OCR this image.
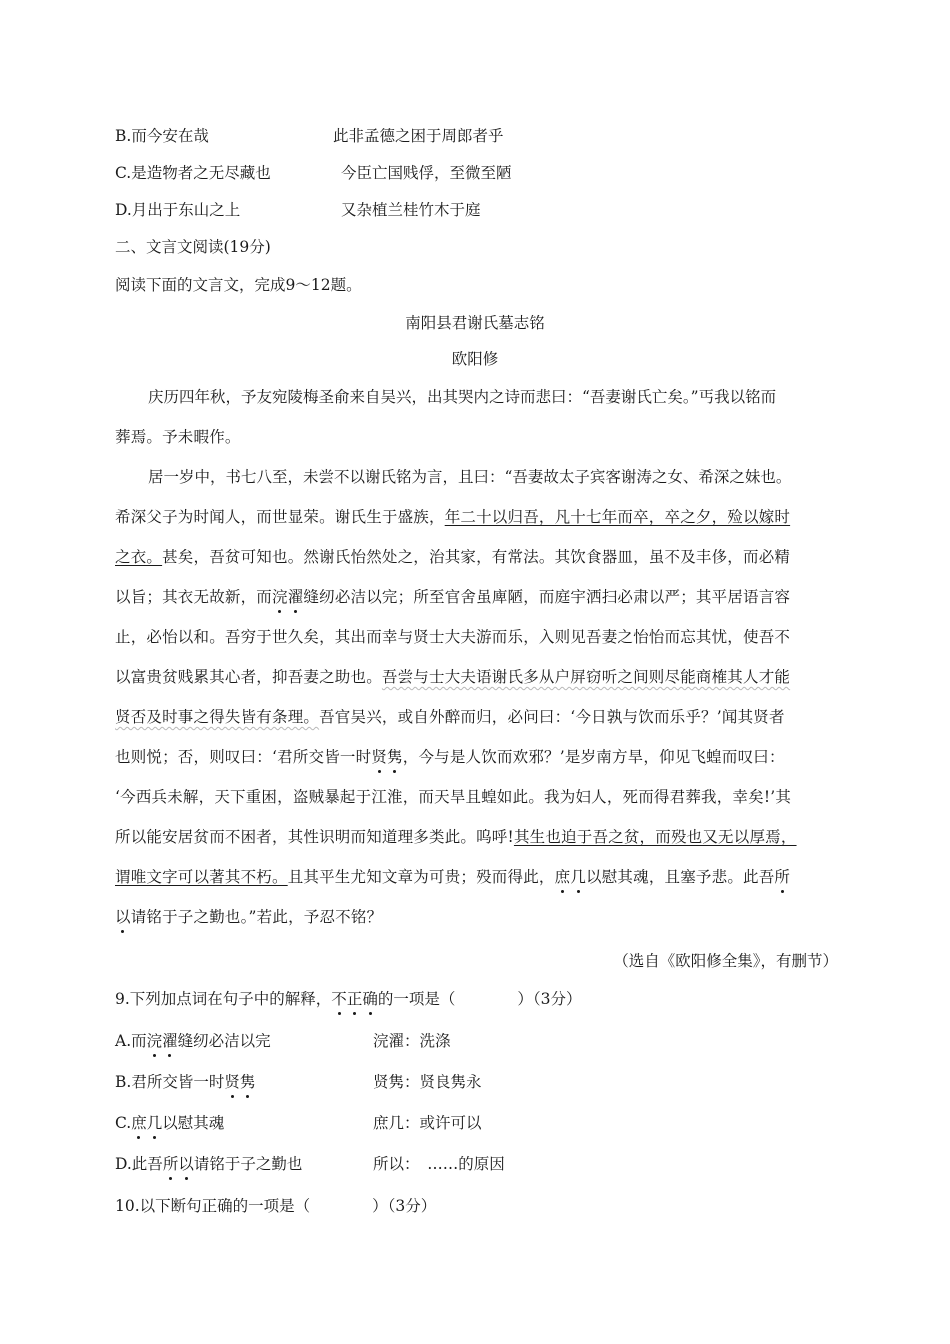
B.而今安在哉	此非孟德之困于周郎者乎
C.是造物者之无尽藏也	今臣亡国贱俘，至微至陋
D.月出于东山之上	又杂植兰桂竹木于庭
二、文言文阅读(19分)
阅读下面的文言文，完成9～12题。
南阳县君谢氏墓志铭
欧阳修
庆历四年秋，予友宛陵梅圣俞来自吴兴，出其哭内之诗而悲曰：“吾妻谢氏亡矣。”丐我以铭而
葬焉。予未暇作。
居一岁中，书七八至，未尝不以谢氏铭为言，且曰：“吾妻故太子宾客谢涛之女、希深之妹也。
希深父子为时闻人，而世显荣。谢氏生于盛族，年二十以归吾，凡十七年而卒，卒之夕，殓以嫁时
之衣。甚矣，吾贫可知也。然谢氏怡然处之，治其家，有常法。其饮食器皿，虽不及丰侈，而必精
以旨；其衣无故新，而浣濯缝纫必洁以完；所至官舍虽庳陋，而庭宇洒扫必肃以严；其平居语言容
止，必怡以和。吾穷于世久矣，其出而幸与贤士大夫游而乐，入则见吾妻之怡怡而忘其忧，使吾不
以富贵贫贱累其心者，抑吾妻之助也。吾尝与士大夫语谢氏多从户屏窃听之间则尽能商榷其人才能
贤否及时事之得失皆有条理。吾官吴兴，或自外醉而归，必问曰：‘今日孰与饮而乐乎？’闻其贤者
也则悦；否，则叹曰：‘君所交皆一时贤隽，今与是人饮而欢邪？’是岁南方旱，仰见飞蝗而叹曰：
‘今西兵未解，天下重困，盗贼暴起于江淮，而天旱且蝗如此。我为妇人，死而得君葬我，幸矣!’其
所以能安居贫而不困者，其性识明而知道理多类此。呜呼!其生也迫于吾之贫，而殁也又无以厚焉，
谓唯文字可以著其不朽。且其平生尤知文章为可贵；殁而得此，庶几以慰其魂，且塞予悲。此吾所
以请铭于子之勤也。”若此，予忍不铭？
（选自《欧阳修全集》，有删节）
9.下列加点词在句子中的解释，不正确的一项是（　　　　）（3分）
A.而浣濯缝纫必洁以完	浣濯：洗涤
B.君所交皆一时贤隽	贤隽：贤良隽永
C.庶几以慰其魂	庶几：或许可以
D.此吾所以请铭于子之勤也	所以：　……的原因
10.以下断句正确的一项是（　　　　）（3分）
